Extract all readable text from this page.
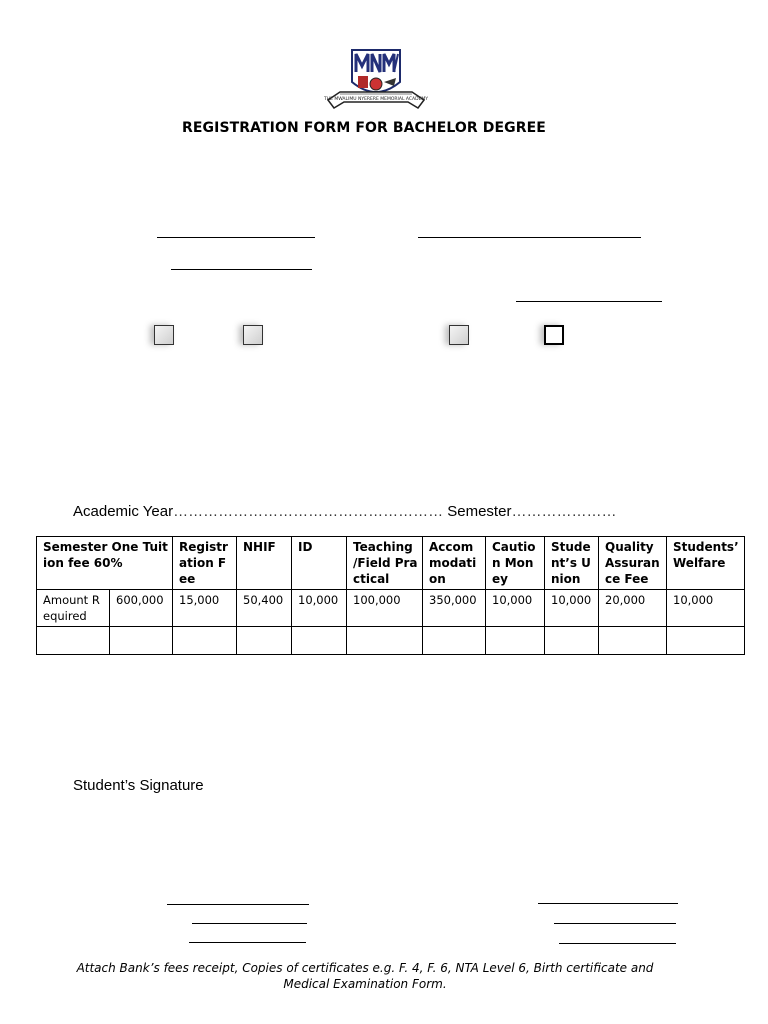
THE MWALIMU NYERERE MEMORIAL ACADEMY
REGISTRATION FORM FOR BACHELOR DEGREE
Academic Year……………………………………………… Semester…………………
Semester One Tuition fee 60%		Registration Fee	NHIF	ID	Teaching /Field Practical	Accommodation	Caution Money	Student’s Union	Quality Assurance Fee	Students’ Welfare
Amount Required	600,000	15,000	50,400	10,000	100,000	350,000	10,000	10,000	20,000	10,000

Student’s Signature
Attach Bank’s fees receipt, Copies of certificates e.g. F. 4, F. 6, NTA Level 6, Birth certificate and Medical Examination Form.
